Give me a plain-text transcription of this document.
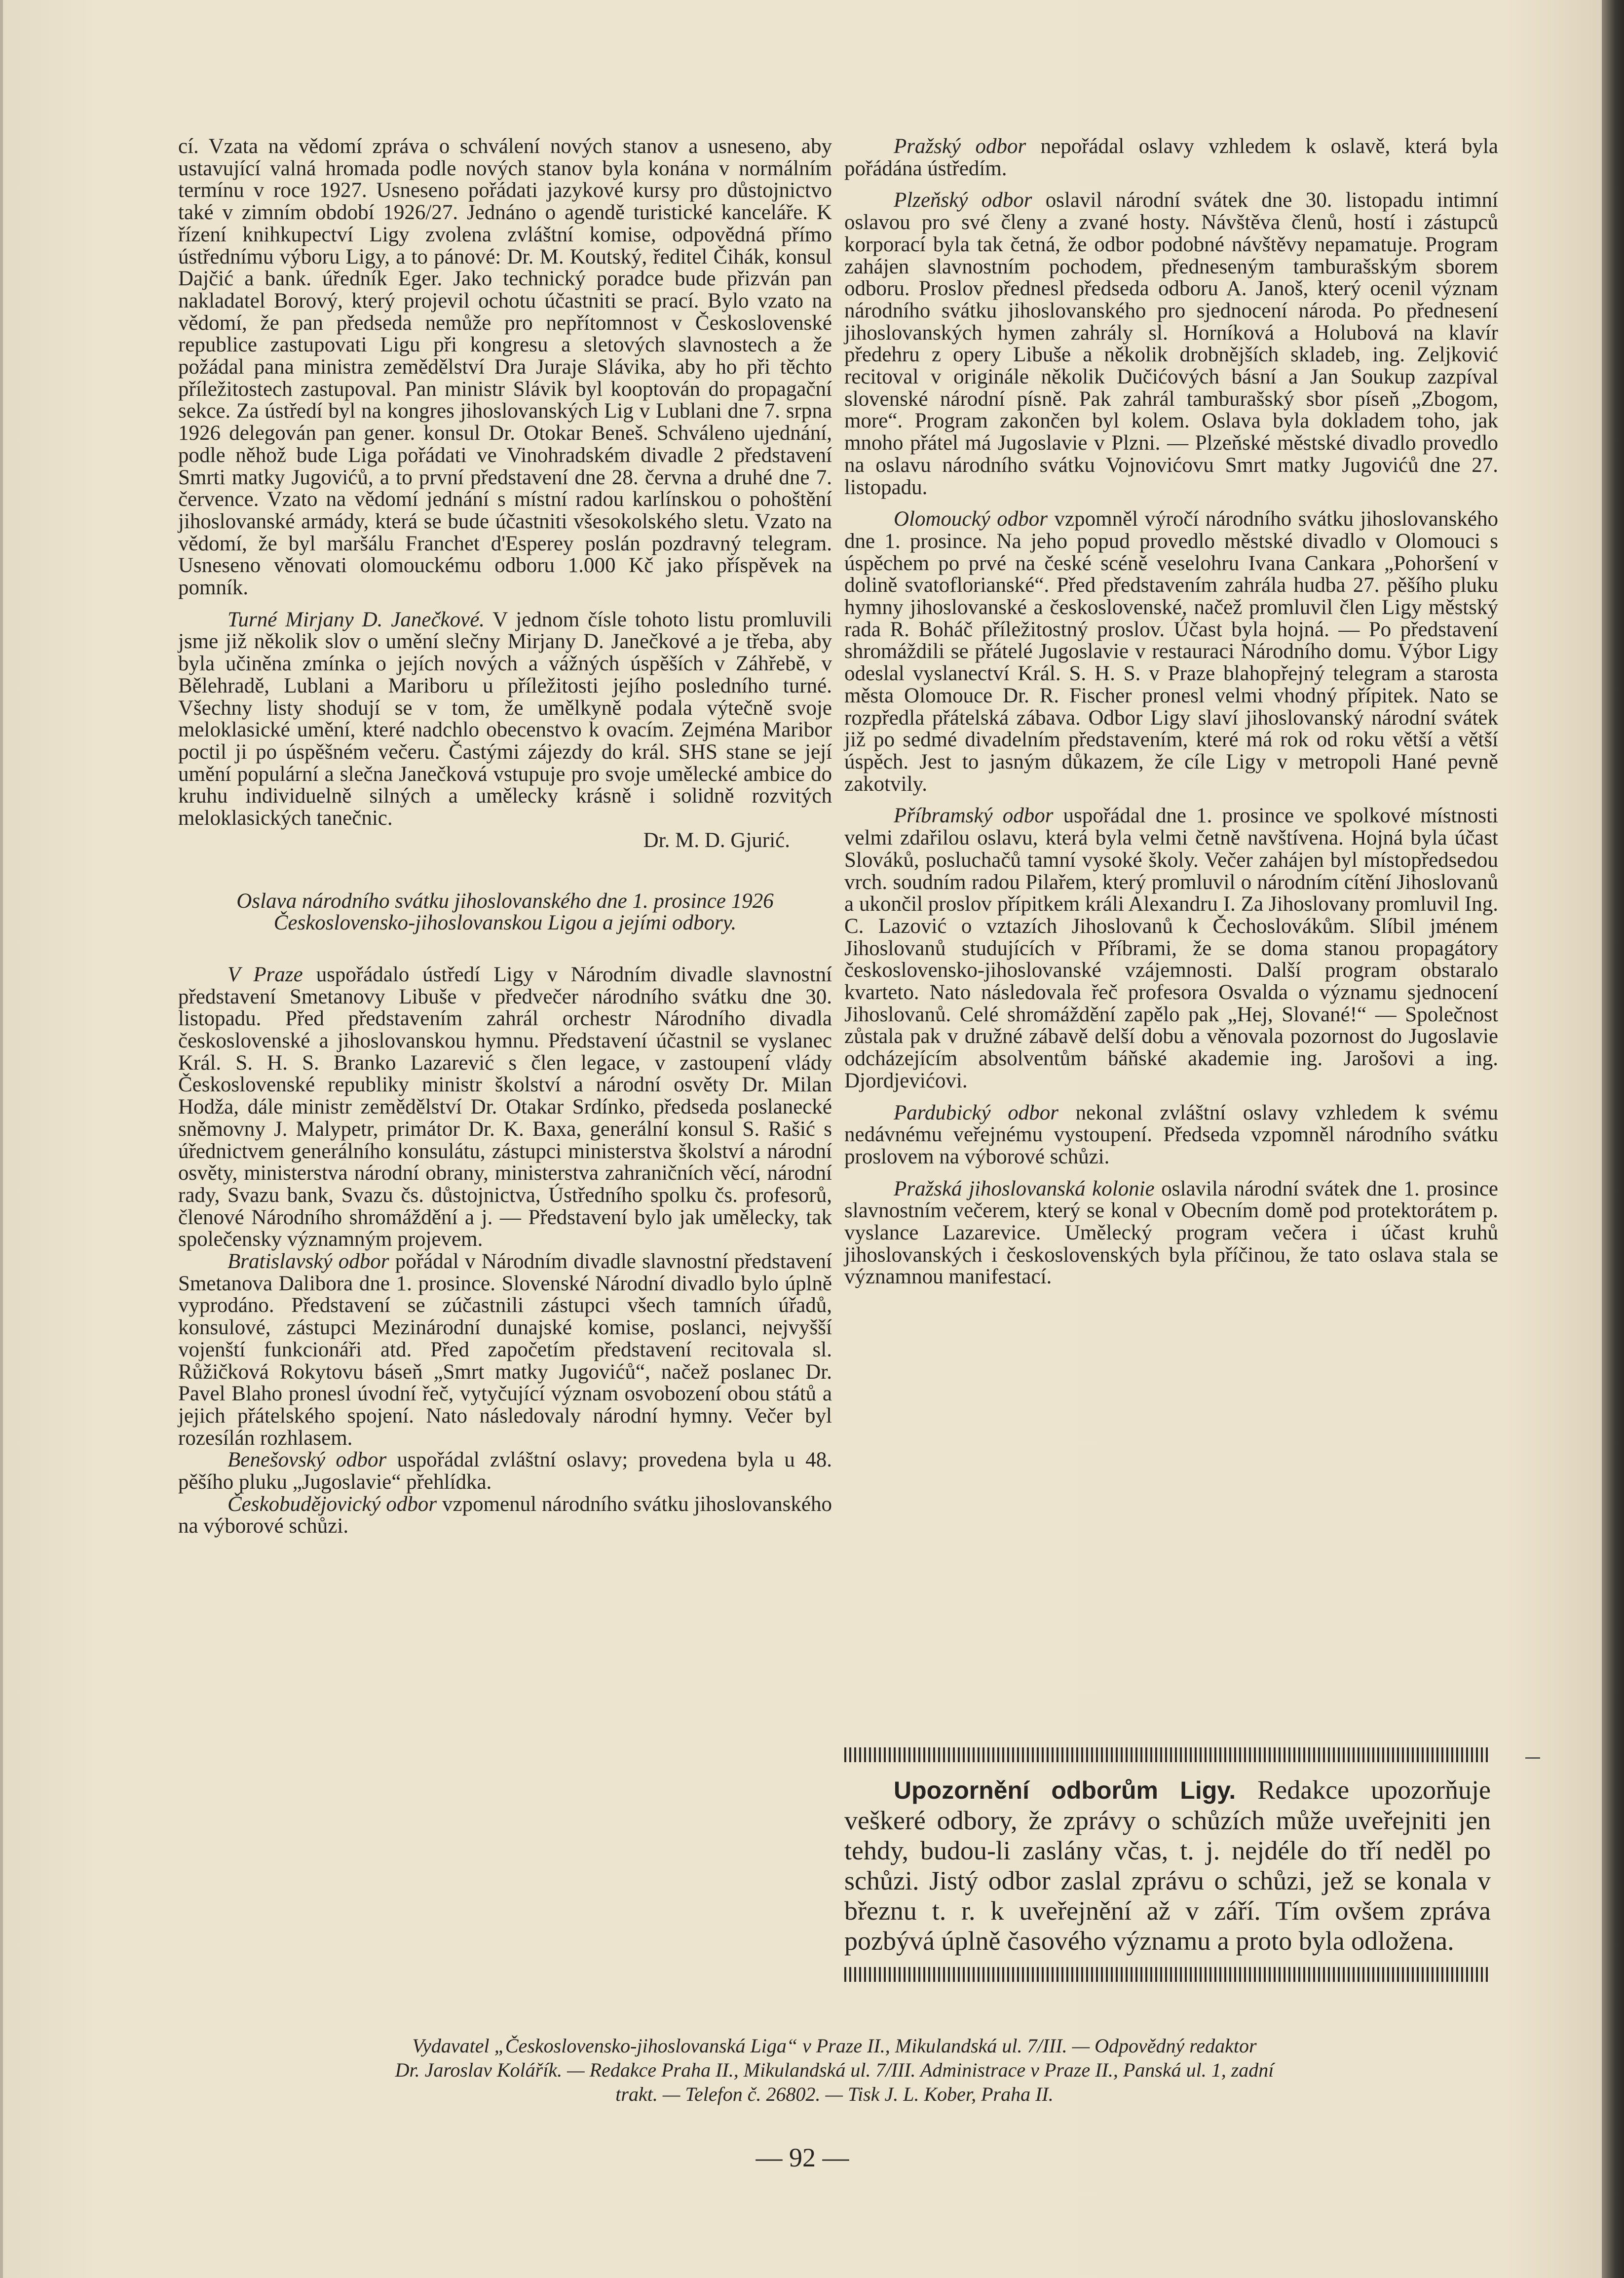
cí. Vzata na vědomí zpráva o schválení nových stanov a usneseno, aby ustavující valná hromada podle nových stanov byla konána v normálním termínu v roce 1927. Usneseno pořádati jazykové kursy pro důstojnictvo také v zimním období 1926/27. Jednáno o agendě turistické kanceláře. K řízení knihkupectví Ligy zvolena zvláštní komise, odpovědná přímo ústřednímu výboru Ligy, a to pánové: Dr. M. Koutský, ředitel Čihák, konsul Dajčić a bank. úředník Eger. Jako technický poradce bude přizván pan nakladatel Borový, který projevil ochotu účastniti se prací. Bylo vzato na vědomí, že pan předseda nemůže pro nepřítomnost v Československé republice zastupovati Ligu při kongresu a sletových slavnostech a že požádal pana ministra zemědělství Dra Juraje Slávika, aby ho při těchto příležitostech zastupoval. Pan ministr Slávik byl kooptován do propagační sekce. Za ústředí byl na kongres jihoslovanských Lig v Lublani dne 7. srpna 1926 delegován pan gener. konsul Dr. Otokar Beneš. Schváleno ujednání, podle něhož bude Liga pořádati ve Vinohradském divadle 2 představení Smrti matky Jugovićů, a to první představení dne 28. června a druhé dne 7. července. Vzato na vědomí jednání s místní radou karlínskou o pohoštění jihoslovanské armády, která se bude účastniti všesokolského sletu. Vzato na vědomí, že byl maršálu Franchet d'Esperey poslán pozdravný telegram. Usneseno věnovati olomouckému odboru 1.000 Kč jako příspěvek na pomník.

Turné Mirjany D. Janečkové. V jednom čísle tohoto listu promluvili jsme již několik slov o umění slečny Mirjany D. Janečkové a je třeba, aby byla učiněna zmínka o jejích nových a vážných úspěších v Záhřebě, v Bělehradě, Lublani a Mariboru u příležitosti jejího posledního turné. Všechny listy shodují se v tom, že umělkyně podala výtečně svoje meloklasické umění, které nadchlo obecenstvo k ovacím. Zejména Maribor poctil ji po úspěšném večeru. Častými zájezdy do král. SHS stane se její umění populární a slečna Janečková vstupuje pro svoje umělecké ambice do kruhu individuelně silných a umělecky krásně i solidně rozvitých meloklasických tanečnic.

Dr. M. D. Gjurić.

Oslava národního svátku jihoslovanského dne 1. prosince 1926 Československo-jihoslovanskou Ligou a jejími odbory.

V Praze uspořádalo ústředí Ligy v Národním divadle slavnostní představení Smetanovy Libuše v předvečer národního svátku dne 30. listopadu. Před představením zahrál orchestr Národního divadla československé a jihoslovanskou hymnu. Představení účastnil se vyslanec Král. S. H. S. Branko Lazarević s člen legace, v zastoupení vlády Československé republiky ministr školství a národní osvěty Dr. Milan Hodža, dále ministr zemědělství Dr. Otakar Srdínko, předseda poslanecké sněmovny J. Malypetr, primátor Dr. K. Baxa, generální konsul S. Rašić s úřednictvem generálního konsulátu, zástupci ministerstva školství a národní osvěty, ministerstva národní obrany, ministerstva zahraničních věcí, národní rady, Svazu bank, Svazu čs. důstojnictva, Ústředního spolku čs. profesorů, členové Národního shromáždění a j. — Představení bylo jak umělecky, tak společensky významným projevem.

Bratislavský odbor pořádal v Národním divadle slavnostní představení Smetanova Dalibora dne 1. prosince. Slovenské Národní divadlo bylo úplně vyprodáno. Představení se zúčastnili zástupci všech tamních úřadů, konsulové, zástupci Mezinárodní dunajské komise, poslanci, nejvyšší vojenští funkcionáři atd. Před započetím představení recitovala sl. Růžičková Rokytovu báseň „Smrt matky Jugovićů“, načež poslanec Dr. Pavel Blaho pronesl úvodní řeč, vytyčující význam osvobození obou států a jejich přátelského spojení. Nato následovaly národní hymny. Večer byl rozesílán rozhlasem.

Benešovský odbor uspořádal zvláštní oslavy; provedena byla u 48. pěšího pluku „Jugoslavie“ přehlídka.

Českobudějovický odbor vzpomenul národního svátku jihoslovanského na výborové schůzi.

Pražský odbor nepořádal oslavy vzhledem k oslavě, která byla pořádána ústředím.

Plzeňský odbor oslavil národní svátek dne 30. listopadu intimní oslavou pro své členy a zvané hosty. Návštěva členů, hostí i zástupců korporací byla tak četná, že odbor podobné návštěvy nepamatuje. Program zahájen slavnostním pochodem, předneseným tamburašským sborem odboru. Proslov přednesl předseda odboru A. Janoš, který ocenil význam národního svátku jihoslovanského pro sjednocení národa. Po přednesení jihoslovanských hymen zahrály sl. Horníková a Holubová na klavír předehru z opery Libuše a několik drobnějších skladeb, ing. Zeljković recitoval v originále několik Dučićových básní a Jan Soukup zazpíval slovenské národní písně. Pak zahrál tamburašský sbor píseň „Zbogom, more“. Program zakončen byl kolem. Oslava byla dokladem toho, jak mnoho přátel má Jugoslavie v Plzni. — Plzeňské městské divadlo provedlo na oslavu národního svátku Vojnovićovu Smrt matky Jugovićů dne 27. listopadu.

Olomoucký odbor vzpomněl výročí národního svátku jihoslovanského dne 1. prosince. Na jeho popud provedlo městské divadlo v Olomouci s úspěchem po prvé na české scéně veselohru Ivana Cankara „Pohoršení v dolině svatoflorianské“. Před představením zahrála hudba 27. pěšího pluku hymny jihoslovanské a československé, načež promluvil člen Ligy městský rada R. Boháč příležitostný proslov. Účast byla hojná. — Po představení shromáždili se přátelé Jugoslavie v restauraci Národního domu. Výbor Ligy odeslal vyslanectví Král. S. H. S. v Praze blahopřejný telegram a starosta města Olomouce Dr. R. Fischer pronesl velmi vhodný přípitek. Nato se rozpředla přátelská zábava. Odbor Ligy slaví jihoslovanský národní svátek již po sedmé divadelním představením, které má rok od roku větší a větší úspěch. Jest to jasným důkazem, že cíle Ligy v metropoli Hané pevně zakotvily.

Příbramský odbor uspořádal dne 1. prosince ve spolkové místnosti velmi zdařilou oslavu, která byla velmi četně navštívena. Hojná byla účast Slováků, posluchačů tamní vysoké školy. Večer zahájen byl místopředsedou vrch. soudním radou Pilařem, který promluvil o národním cítění Jihoslovanů a ukončil proslov přípitkem králi Alexandru I. Za Jihoslovany promluvil Ing. C. Lazović o vztazích Jihoslovanů k Čechoslovákům. Slíbil jménem Jihoslovanů studujících v Příbrami, že se doma stanou propagátory československo-jihoslovanské vzájemnosti. Další program obstaralo kvarteto. Nato následovala řeč profesora Osvalda o významu sjednocení Jihoslovanů. Celé shromáždění zapělo pak „Hej, Slované!“ — Společnost zůstala pak v družné zábavě delší dobu a věnovala pozornost do Jugoslavie odcházejícím absolventům báňské akademie ing. Jarošovi a ing. Djordjevićovi.

Pardubický odbor nekonal zvláštní oslavy vzhledem k svému nedávnému veřejnému vystoupení. Předseda vzpomněl národního svátku proslovem na výborové schůzi.

Pražská jihoslovanská kolonie oslavila národní svátek dne 1. prosince slavnostním večerem, který se konal v Obecním domě pod protektorátem p. vyslance Lazarevice. Umělecký program večera i účast kruhů jihoslovanských i československých byla příčinou, že tato oslava stala se významnou manifestací.

Upozornění odborům Ligy. Redakce upozorňuje veškeré odbory, že zprávy o schůzích může uveřejniti jen tehdy, budou-li zaslány včas, t. j. nejdéle do tří neděl po schůzi. Jistý odbor zaslal zprávu o schůzi, jež se konala v březnu t. r. k uveřejnění až v září. Tím ovšem zpráva pozbývá úplně časového významu a proto byla odložena.

Vydavatel „Československo-jihoslovanská Liga“ v Praze II., Mikulandská ul. 7/III. — Odpovědný redaktor
Dr. Jaroslav Kolářík. — Redakce Praha II., Mikulandská ul. 7/III. Administrace v Praze II., Panská ul. 1, zadní
trakt. — Telefon č. 26802. — Tisk J. L. Kober, Praha II.
— 92 —
